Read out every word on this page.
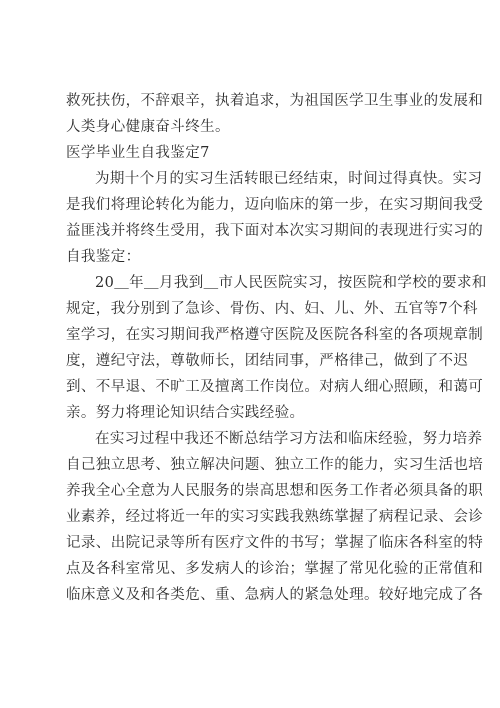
救死扶伤，不辞艰辛，执着追求，为祖国医学卫生事业的发展和
人类身心健康奋斗终生。
医学毕业生自我鉴定7
为期十个月的实习生活转眼已经结束，时间过得真快。实习
是我们将理论转化为能力，迈向临床的第一步，在实习期间我受
益匪浅并将终生受用，我下面对本次实习期间的表现进行实习的
自我鉴定：
20＿年＿月我到＿市人民医院实习，按医院和学校的要求和
规定，我分别到了急诊、骨伤、内、妇、儿、外、五官等7个科
室学习，在实习期间我严格遵守医院及医院各科室的各项规章制
度，遵纪守法，尊敬师长，团结同事，严格律己，做到了不迟
到、不早退、不旷工及擅离工作岗位。对病人细心照顾，和蔼可
亲。努力将理论知识结合实践经验。
在实习过程中我还不断总结学习方法和临床经验，努力培养
自己独立思考、独立解决问题、独立工作的能力，实习生活也培
养我全心全意为人民服务的崇高思想和医务工作者必须具备的职
业素养，经过将近一年的实习实践我熟练掌握了病程记录、会诊
记录、出院记录等所有医疗文件的书写；掌握了临床各科室的特
点及各科室常见、多发病人的诊治；掌握了常见化验的正常值和
临床意义及和各类危、重、急病人的紧急处理。较好地完成了各
